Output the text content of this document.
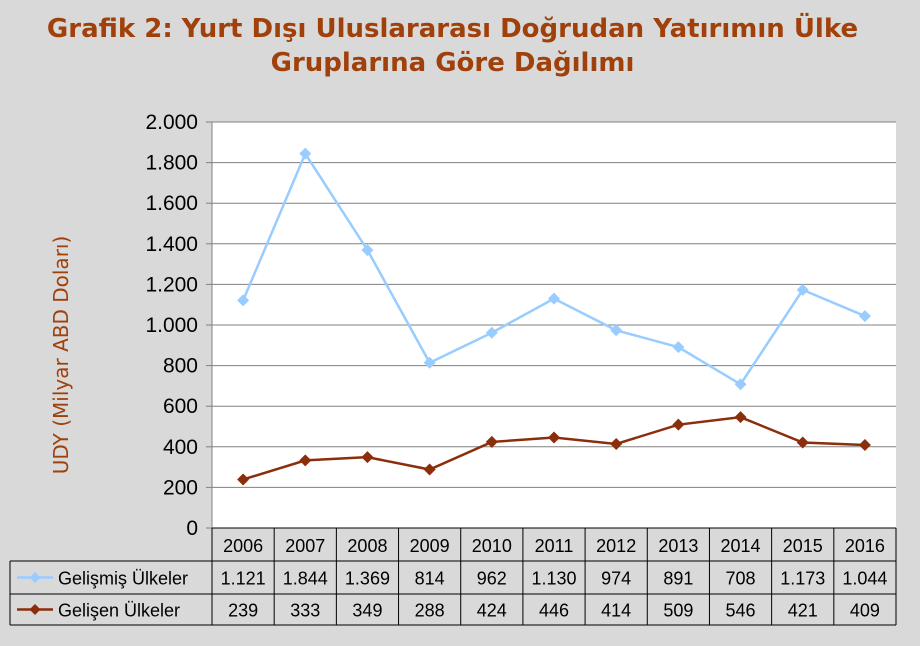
Grafik 2: Yurt Dışı Uluslararası Doğrudan Yatırımın Ülke
Gruplarına Göre Dağılımı
UDY (Milyar ABD Doları)
0
200
400
600
800
1.000
1.200
1.400
1.600
1.800
2.000
2006 2007 2008 2009 2010 2011 2012 2013 2014 2015 2016
Gelişmiş Ülkeler 1.121 1.844 1.369 814 962 1.130 974 891 708 1.173 1.044
Gelişen Ülkeler	239 333 349 288 424 446 414 509 546 421 409
